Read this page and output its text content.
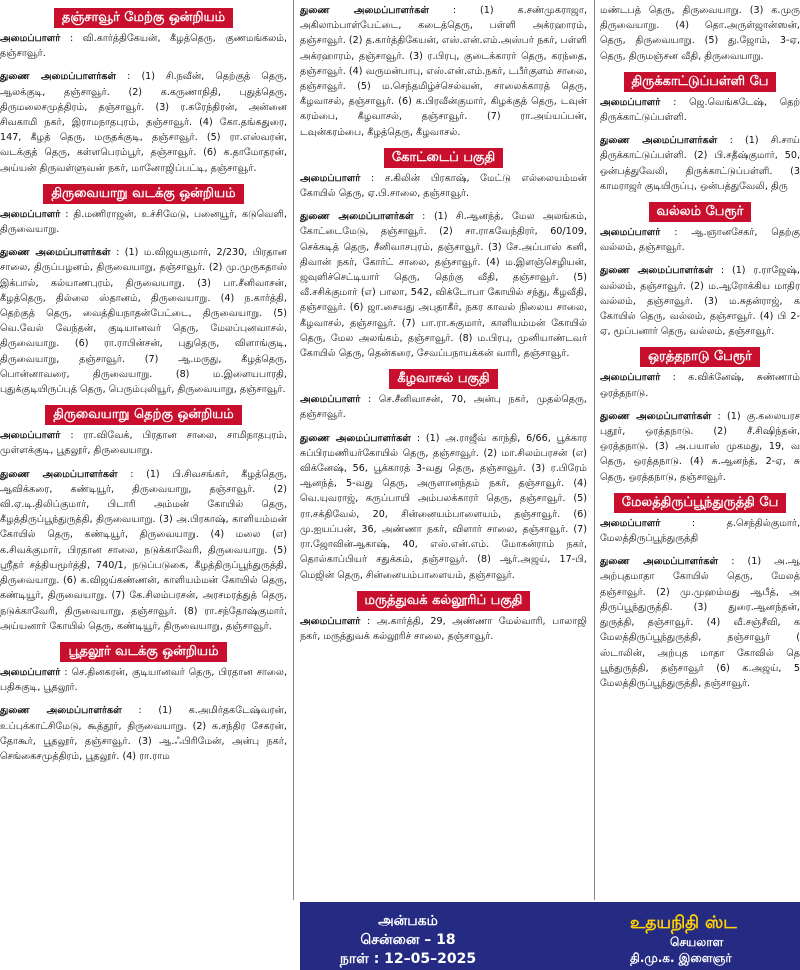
தஞ்சாவூர் மேற்கு ஒன்றியம்
அமைப்பாளர் : வி.கார்த்திகேயன், கீழத்தெரு, குணமங்கலம், தஞ்சாவூர்.
துணை அமைப்பாளர்கள் : (1) சி.நவீன், தெற்குத் தெரு, ஆலக்குடி, தஞ்சாவூர். (2) க.கருணாநிதி, புதுத்தெரு, திருமலைசமுத்திரம், தஞ்சாவூர். (3) ர.கரேந்திரன், அன்னை சிவகாமி நகர், இராமநாதபுரம், தஞ்சாவூர். (4) கோ.தங்கதுரை, 147, கீழத் தெரு, மருதக்குடி, தஞ்சாவூர். (5) ரா.எஸ்வரன், வடக்குத் தெரு, கள்ளபெரம்பூர், தஞ்சாவூர். (6) க.தாமோதரன், அய்யன் திருவள்ளுவன் நகர், மானோஜிப்பட்டி, தஞ்சாவூர்.
திருவையாறு வடக்கு ஒன்றியம்
அமைப்பாளர் : தி.மணிராஜன், உச்சிமேடு, பனையூர், கடுவெளி, திருவையாறு.
துணை அமைப்பாளர்கள் : (1) ம.விஜயகுமார், 2/230, பிரதான சாலை, திருப்பழனம், திருவையாறு, தஞ்சாவூர். (2) மு.முருகதாஸ் இக்பால், கல்யாணபுரம், திருவையாறு. (3) பா.சீனிவாசன், கீழத்தெரு, தில்லை ஸ்தானம், திருவையாறு. (4) ந.கார்த்தி, தெற்குத் தெரு, வைத்தியநாதன்பேட்டை, திருவையாறு. (5) வெ.வேல் வேந்தன், குடியானவர் தெரு, மேலப்புனவாசல், திருவையாறு. (6) ரா.ராபின்சன், புதுதெரு, விளாங்குடி, திருவையாறு, தஞ்சாவூர். (7) ஆ.மருது, கீழத்தெரு, பொன்னாவரை, திருவையாறு. (8) ம.இளையபாரதி, புதுக்குடியிருப்புத் தெரு, பெரும்புலியூர், திருவையாறு, தஞ்சாவூர்.
திருவையாறு தெற்கு ஒன்றியம்
அமைப்பாளர் : ரா.விவேக், பிரதான சாலை, சாமிநாதபுரம், முள்ளக்குடி, பூதலூர், திருவையாறு.
துணை அமைப்பாளர்கள் : (1) பி.சிவசங்கர், கீழத்தெரு, ஆவிக்கரை, கண்டியூர், திருவையாறு, தஞ்சாவூர். (2) வி.ஏ.டி.திலிப்குமார், பிடாரி அம்மன் கோயில் தெரு, கீழத்திருப்பூந்துருத்தி, திருவையாறு. (3) அ.பிரகாஷ், காளியம்மன் கோயில் தெரு, கண்டியூர், திருவையாறு. (4) மலை (எ) க.சிவக்குமார், பிரதான சாலை, நடுக்காவேரி, திருவையாறு. (5) ஸ்ரீதர் சத்தியமூர்த்தி, 740/1, நடுப்படுகை, கீழத்திருப்பூந்துருத்தி, திருவையாறு. (6) க.விஜய்கண்ணன், காளியம்மன் கோயில் தெரு, கண்டியூர், திருவையாறு. (7) கே.சிலம்பரசன், அரசமரத்துத் தெரு, நடுக்காவேரி, திருவையாறு, தஞ்சாவூர். (8) ரா.சந்தோஷ்குமார், அய்யனார் கோயில் தெரு, கண்டியூர், திருவையாறு, தஞ்சாவூர்.
பூதலூர் வடக்கு ஒன்றியம்
அமைப்பாளர் : செ.தினகரன், குடியானவர் தெரு, பிரதான சாலை, பதிசுகுடி, பூதலூர்.
துணை அமைப்பாளர்கள் : (1) க.அமிர்தகடேஷ்வரன், உப்புக்காட்சிமேடு, கூத்தூர், திருவையாறு. (2) க.சந்திர சேகரன், தோகூர், பூதலூர், தஞ்சாவூர். (3) ஆ.ஃபிரிமேன், அன்பு நகர், செங்கைசமுத்திரம், பூதலூர். (4) ரா.ராம
துணை அமைப்பாளர்கள் : (1) க.சண்முகராஜா, அகிலாம்பாள்பேட்டை, கடைத்தெரு, பள்ளி அக்ரஹாரம், தஞ்சாவூர். (2) த.கார்த்திகேயன், எஸ்.என்.எம்.அஸ்பர் நகர், பள்ளி அக்ரஹாரம், தஞ்சாவூர். (3) ர.பிரபு, குடைக்காரர் தெரு, கரந்தை, தஞ்சாவூர். (4) வருமன்பாபு, எஸ்.என்.எம்.நகர், டபீர்குளம் சாலை, தஞ்சாவூர். (5) ம.செந்தமிழ்ச்செல்வன், சாலைக்காரத் தெரு, கீழவாசல், தஞ்சாவூர். (6) க.பிரவீன்குமார், கிழக்குத் தெரு, டவுன் கரம்பை, கீழவாசல், தஞ்சாவூர். (7) ரா.அய்யப்பன், டவுன்கரம்பை, கீழத்தெரு, கீழவாசல்.
கோட்டைப் பகுதி
அமைப்பாளர் : ச.கிலின் பிரகாஷ், மேட்டு எல்லையம்மன் கோயில் தெரு, ஏ.பி.சாலை, தஞ்சாவூர்.
துணை அமைப்பாளர்கள் : (1) சி.ஆனந்த், மேல அலங்கம், கோட்டைமேடு, தஞ்சாவூர். (2) சா.ராகவேந்திரர், 60/109, செக்கடித் தெரு, சீனிவாசபுரம், தஞ்சாவூர். (3) சே.அப்பாஸ் கனி, திவான் நகர், கோர்ட் சாலை, தஞ்சாவூர். (4) ம.இளஞ்செழியன், ஜவுளிச்செட்டியார் தெரு, தெற்கு வீதி, தஞ்சாவூர். (5) வீ.சசிக்குமார் (எ) பாலா, 542, விக்டோபா கோயில் சந்து, கீழவீதி, தஞ்சாவூர். (6) ஜா.சையது அபுதாகீர், நகர காவல் நிலைய சாலை, கீழவாசல், தஞ்சாவூர். (7) பா.ரா.சுகுமார், காளியம்மன் கோயில் தெரு, மேல அலங்கம், தஞ்சாவூர். (8) ம.பிரபு, முனியாண்டவர் கோயில் தெரு, தென்கரை, சேவப்பநாயக்கன் வாரி, தஞ்சாவூர்.
கீழவாசல் பகுதி
அமைப்பாளர் : செ.சீனிவாசன், 70, அன்பு நகர், முதல்தெரு, தஞ்சாவூர்.
துணை அமைப்பாளர்கள் : (1) அ.ராஜீவ் காந்தி, 6/66, பூக்கார சுப்பிரமணியர்கோயில் தெரு, தஞ்சாவூர். (2) மா.சிலம்பரசன் (எ) விக்னேஷ், 56, பூக்காரத் 3-வது தெரு, தஞ்சாவூர். (3) ர.பிரேம் ஆனந்த், 5-வது தெரு, அருளானந்தம் நகர், தஞ்சாவூர். (4) வெ.யுவராஜ், கருப்பாயி அம்பலக்காரர் தெரு, தஞ்சாவூர். (5) ரா.சக்திவேல், 20, சின்னையம்பாளையம், தஞ்சாவூர். (6) மு.ஐயப்பன், 36, அண்ணா நகர், விளார் சாலை, தஞ்சாவூர். (7) ரா.ஜோவின்ஆகாஷ், 40, எஸ்.என்.எம். மோகன்ராம் நகர், தொல்காப்பியர் சதுக்கம், தஞ்சாவூர். (8) ஆர்.அஜய், 17-பி, மெஜின் தெரு, சின்னையம்பாளையம், தஞ்சாவூர்.
மருத்துவக் கல்லூரிப் பகுதி
அமைப்பாளர் : அ.கார்த்தி, 29, அண்ணா மேல்வாரி, பாலாஜி நகர், மருத்துவக் கல்லூரிச் சாலை, தஞ்சாவூர்.
மண்டபத் தெரு, திருவையாறு. (3) க.முரு திருவையாறு. (4) தொ.அருள்ஜான்ஸன், தெரு, திருவையாறு. (5) து.ஜோம், 3-ஏ, தெரு, திருமஞ்சன வீதி, திருவையாறு.
திருக்காட்டுப்பள்ளி பே
அமைப்பாளர் : ஜெ.வெங்கடேஷ், தெற் திருக்காட்டுப்பள்ளி.
துணை அமைப்பாளர்கள் : (1) சி.சாய் திருக்காட்டுப்பள்ளி. (2) பி.சதீஷ்குமார், 50, ஒன்பத்துவேலி, திருக்காட்டுப்பள்ளி. (3 காமராஜர் குடியிருப்பு, ஒன்பத்துவேலி, திரு
வல்லம் பேரூர்
அமைப்பாளர் : ஆ.ஞானசேகர், தெற்கு வல்லம், தஞ்சாவூர்.
துணை அமைப்பாளர்கள் : (1) ர.ராஜேஷ், வல்லம், தஞ்சாவூர். (2) ம.ஆரோக்கிய மாதிர வல்லம், தஞ்சாவூர். (3) ம.சுதன்ராஜ், க கோயில் தெரு, வல்லம், தஞ்சாவூர். (4) பி 2-ஏ, மூப்பனார் தெரு, வல்லம், தஞ்சாவூர்.
ஒரத்தநாடு பேரூர்
அமைப்பாளர் : க.விக்னேஷ், சுண்ணாம் ஒரத்தநாடு.
துணை அமைப்பாளர்கள் : (1) கு.கலையரச புதூர், ஒரத்தநாடு. (2) சீ.சிஷிந்தன், ஒரத்தநாடு. (3) அ.பயாஸ் முகமது, 19, வ தெரு, ஒரத்தநாடு. (4) சு.ஆனந்த், 2-ஏ, சு தெரு, ஒரத்தநாடு, தஞ்சாவூர்.
மேலத்திருப்பூந்துருத்தி பே
அமைப்பாளர் : த.செந்தில்குமார், மேலத்திருப்பூந்துருத்தி
துணை அமைப்பாளர்கள் : (1) அ.ஆ அற்புதமாதா கோயில் தெரு, மேலத் தஞ்சாவூர். (2) மு.முஹம்மது ஆபீத், அ திருப்பூந்துருத்தி. (3) துரை.ஆனந்தன், துருத்தி, தஞ்சாவூர். (4) வீ.சஞ்சீவி, க மேலத்திருப்பூந்துருத்தி, தஞ்சாவூர் ( ஸ்டாலின், அற்புத மாதா கோவில் தெ பூந்துருத்தி, தஞ்சாவூர் (6) க.அஜய், 5 மேலத்திருப்பூந்துருத்தி, தஞ்சாவூர்.
அன்பகம்
சென்னை – 18
நாள் : 12–05–2025
உதயநிதி ஸ்ட
செயலாள
தி.மு.க. இளைஞர்
